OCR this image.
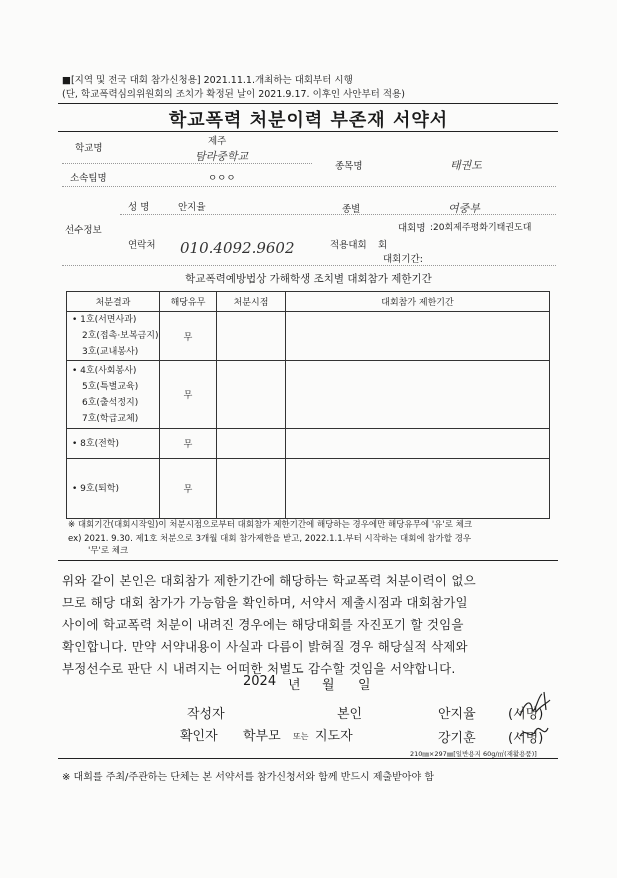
■[지역 및 전국 대회 참가신청용] 2021.11.1.개최하는 대회부터 시행
(단, 학교폭력심의위원회의 조치가 확정된 날이 2021.9.17. 이후인 사안부터 적용)
학교폭력 처분이력 부존재 서약서
학교명
제주
탐라중학교
종목명	태권도
소속팀명	ㅇㅇㅇ
성 명	안지율	종별	여중부
선수정보	대회명 :20회제주평화기태권도대
연락처 010.4092.9602	적용대회 회
대회기간:
학교폭력예방법상 가해학생 조치별 대회참가 제한기간
처분결과	해당유무	처분시점	대회참가 제한기간
• 1호(서면사과)
2호(접촉·보복금지)
3호(교내봉사)	무		
• 4호(사회봉사)
5호(특별교육)
6호(출석정지)
7호(학급교체)	무		
• 8호(전학)	무		
• 9호(퇴학)	무		
※ 대회기간(대회시작일)이 처분시점으로부터 대회참가 제한기간에 해당하는 경우에만 해당유무에 '유'로 체크
ex) 2021. 9.30. 제1호 처분으로 3개월 대회 참가제한을 받고, 2022.1.1.부터 시작하는 대회에 참가할 경우
'무'로 체크
위와 같이 본인은 대회참가 제한기간에 해당하는 학교폭력 처분이력이 없으
므로 해당 대회 참가가 가능함을 확인하며, 서약서 제출시점과 대회참가일
사이에 학교폭력 처분이 내려진 경우에는 해당대회를 자진포기 할 것임을
확인합니다. 만약 서약내용이 사실과 다름이 밝혀질 경우 해당실적 삭제와
부정선수로 판단 시 내려지는 어떠한 처벌도 감수할 것임을 서약합니다.
2024 년 월 일
작성자	본인	안지율 (서명)
확인자 학부모 또는 지도자	강기훈 (서명)
210㎜×297㎜[일반용지 60g/㎡(재활용품)]
※ 대회를 주최/주관하는 단체는 본 서약서를 참가신청서와 함께 반드시 제출받아야 함
